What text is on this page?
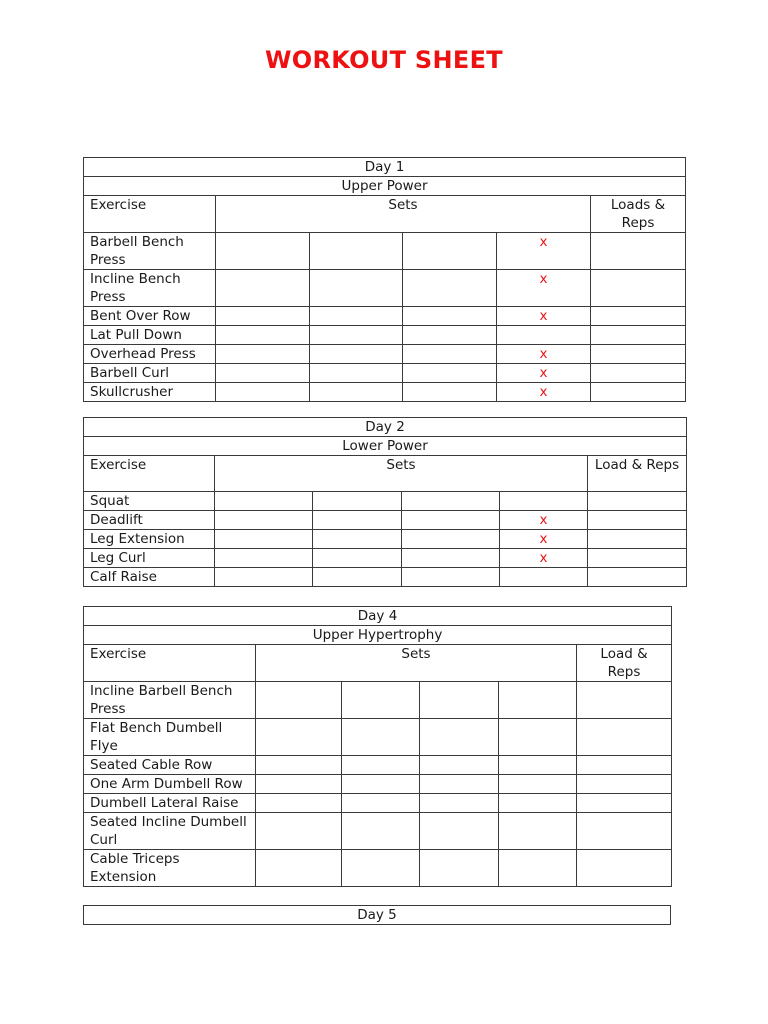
WORKOUT SHEET
Day 1					
Upper Power					
Exercise	Sets				Loads & Reps
Barbell Bench Press				x	
Incline Bench Press				x	
Bent Over Row				x	
Lat Pull Down					
Overhead Press				x	
Barbell Curl				x	
Skullcrusher				x	
Day 2					
Lower Power					
Exercise	Sets				Load & Reps
Squat					
Deadlift				x	
Leg Extension				x	
Leg Curl				x	
Calf Raise					
Day 4					
Upper Hypertrophy					
Exercise	Sets				Load & Reps
Incline Barbell Bench Press					
Flat Bench Dumbell Flye					
Seated Cable Row					
One Arm Dumbell Row					
Dumbell Lateral Raise					
Seated Incline Dumbell Curl					
Cable Triceps Extension					
Day 5
